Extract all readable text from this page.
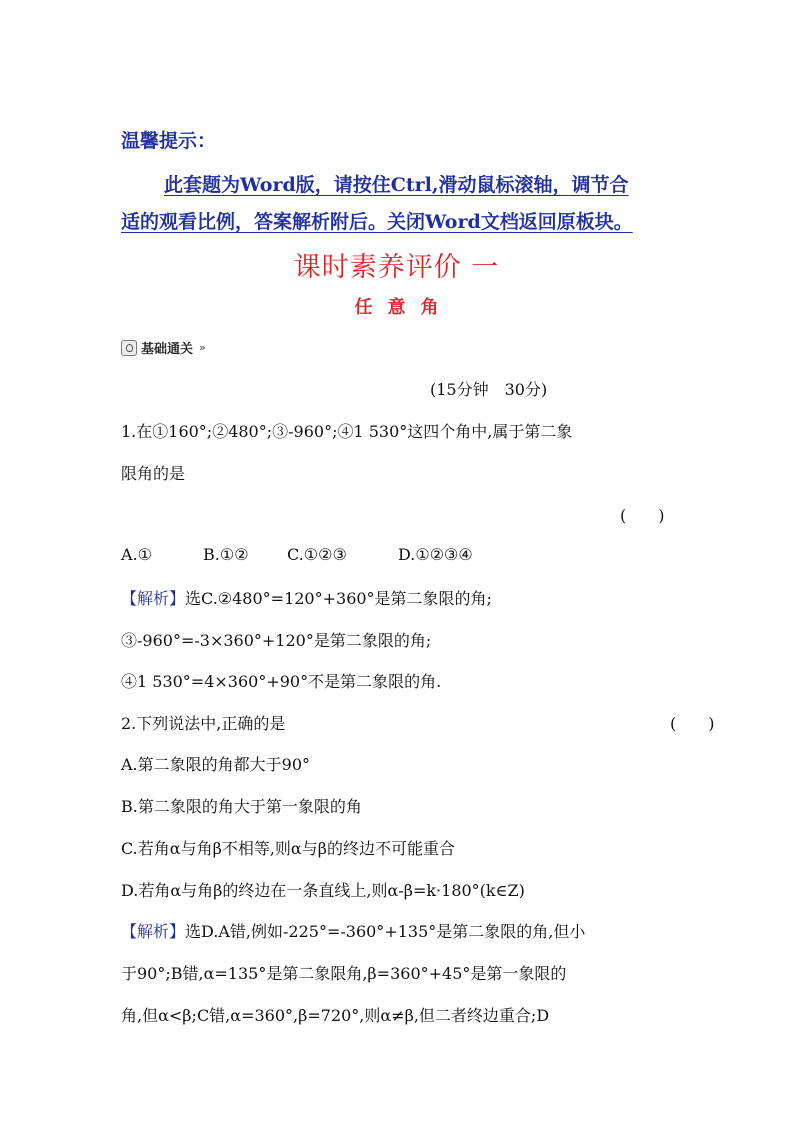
温馨提示：
此套题为Word版，请按住Ctrl,滑动鼠标滚轴，调节合
适的观看比例，答案解析附后。关闭Word文档返回原板块。
课时素养评价 一
任意角
基础通关 »
(15分钟　30分)
1.在①160°;②480°;③-960°;④1 530°这四个角中,属于第二象
限角的是
(　　)
A.①	B.①② C.①②③	D.①②③④
【解析】选C.②480°=120°+360°是第二象限的角;
③-960°=-3×360°+120°是第二象限的角;
④1 530°=4×360°+90°不是第二象限的角.
2.下列说法中,正确的是	(　　)
A.第二象限的角都大于90°
B.第二象限的角大于第一象限的角
C.若角α与角β不相等,则α与β的终边不可能重合
D.若角α与角β的终边在一条直线上,则α-β=k·180°(k∈Z)
【解析】选D.A错,例如-225°=-360°+135°是第二象限的角,但小
于90°;B错,α=135°是第二象限角,β=360°+45°是第一象限的
角,但α<β;C错,α=360°,β=720°,则α≠β,但二者终边重合;D
